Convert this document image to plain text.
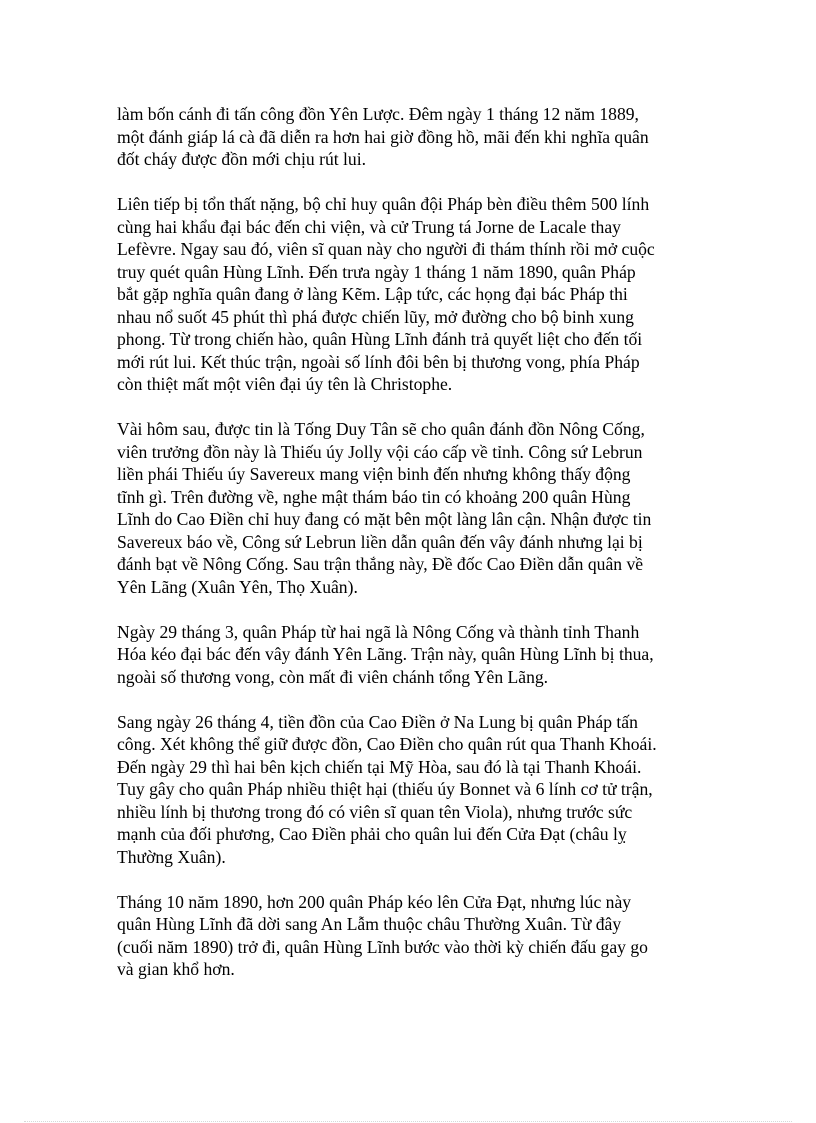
làm bốn cánh đi tấn công đồn Yên Lược. Đêm ngày 1 tháng 12 năm 1889,
một đánh giáp lá cà đã diễn ra hơn hai giờ đồng hồ, mãi đến khi nghĩa quân
đốt cháy được đồn mới chịu rút lui.

Liên tiếp bị tổn thất nặng, bộ chỉ huy quân đội Pháp bèn điều thêm 500 lính
cùng hai khẩu đại bác đến chi viện, và cử Trung tá Jorne de Lacale thay
Lefèvre. Ngay sau đó, viên sĩ quan này cho người đi thám thính rồi mở cuộc
truy quét quân Hùng Lĩnh. Đến trưa ngày 1 tháng 1 năm 1890, quân Pháp
bắt gặp nghĩa quân đang ở làng Kẽm. Lập tức, các họng đại bác Pháp thi
nhau nổ suốt 45 phút thì phá được chiến lũy, mở đường cho bộ binh xung
phong. Từ trong chiến hào, quân Hùng Lĩnh đánh trả quyết liệt cho đến tối
mới rút lui. Kết thúc trận, ngoài số lính đôi bên bị thương vong, phía Pháp
còn thiệt mất một viên đại úy tên là Christophe.

Vài hôm sau, được tin là Tống Duy Tân sẽ cho quân đánh đồn Nông Cống,
viên trưởng đồn này là Thiếu úy Jolly vội cáo cấp về tỉnh. Công sứ Lebrun
liền phái Thiếu úy Savereux mang viện binh đến nhưng không thấy động
tĩnh gì. Trên đường về, nghe mật thám báo tin có khoảng 200 quân Hùng
Lĩnh do Cao Điền chỉ huy đang có mặt bên một làng lân cận. Nhận được tin
Savereux báo về, Công sứ Lebrun liền dẫn quân đến vây đánh nhưng lại bị
đánh bạt về Nông Cống. Sau trận thắng này, Đề đốc Cao Điền dẫn quân về
Yên Lãng (Xuân Yên, Thọ Xuân).

Ngày 29 tháng 3, quân Pháp từ hai ngã là Nông Cống và thành tỉnh Thanh
Hóa kéo đại bác đến vây đánh Yên Lãng. Trận này, quân Hùng Lĩnh bị thua,
ngoài số thương vong, còn mất đi viên chánh tổng Yên Lãng.

Sang ngày 26 tháng 4, tiền đồn của Cao Điền ở Na Lung bị quân Pháp tấn
công. Xét không thể giữ được đồn, Cao Điền cho quân rút qua Thanh Khoái.
Đến ngày 29 thì hai bên kịch chiến tại Mỹ Hòa, sau đó là tại Thanh Khoái.
Tuy gây cho quân Pháp nhiều thiệt hại (thiếu úy Bonnet và 6 lính cơ tử trận,
nhiều lính bị thương trong đó có viên sĩ quan tên Viola), nhưng trước sức
mạnh của đối phương, Cao Điền phải cho quân lui đến Cửa Đạt (châu lỵ
Thường Xuân).

Tháng 10 năm 1890, hơn 200 quân Pháp kéo lên Cửa Đạt, nhưng lúc này
quân Hùng Lĩnh đã dời sang An Lẫm thuộc châu Thường Xuân. Từ đây
(cuối năm 1890) trở đi, quân Hùng Lĩnh bước vào thời kỳ chiến đấu gay go
và gian khổ hơn.
